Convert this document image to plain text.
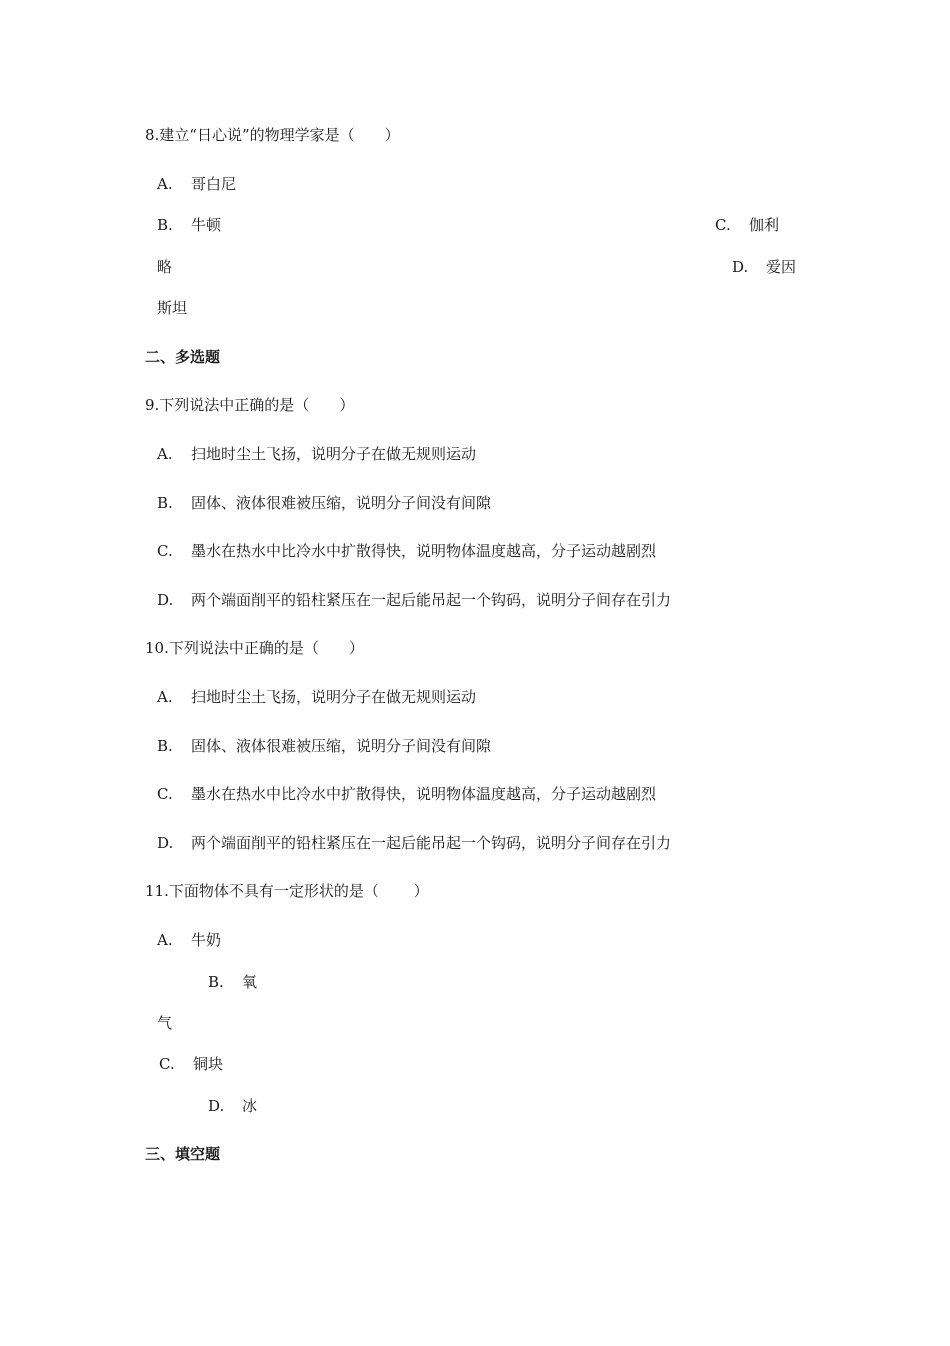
8.建立“日心说”的物理学家是（　　）
A. 哥白尼
B. 牛顿	C. 伽利
略	D. 爱因
斯坦
二、多选题
9.下列说法中正确的是（　　）
A. 扫地时尘土飞扬，说明分子在做无规则运动
B. 固体、液体很难被压缩，说明分子间没有间隙
C. 墨水在热水中比冷水中扩散得快，说明物体温度越高，分子运动越剧烈
D. 两个端面削平的铅柱紧压在一起后能吊起一个钩码，说明分子间存在引力
10.下列说法中正确的是（　　）
A. 扫地时尘土飞扬，说明分子在做无规则运动
B. 固体、液体很难被压缩，说明分子间没有间隙
C. 墨水在热水中比冷水中扩散得快，说明物体温度越高，分子运动越剧烈
D. 两个端面削平的铅柱紧压在一起后能吊起一个钩码，说明分子间存在引力
11.下面物体不具有一定形状的是（　　 ）
A. 牛奶
B. 氧
气
C. 铜块
D. 冰
三、填空题
